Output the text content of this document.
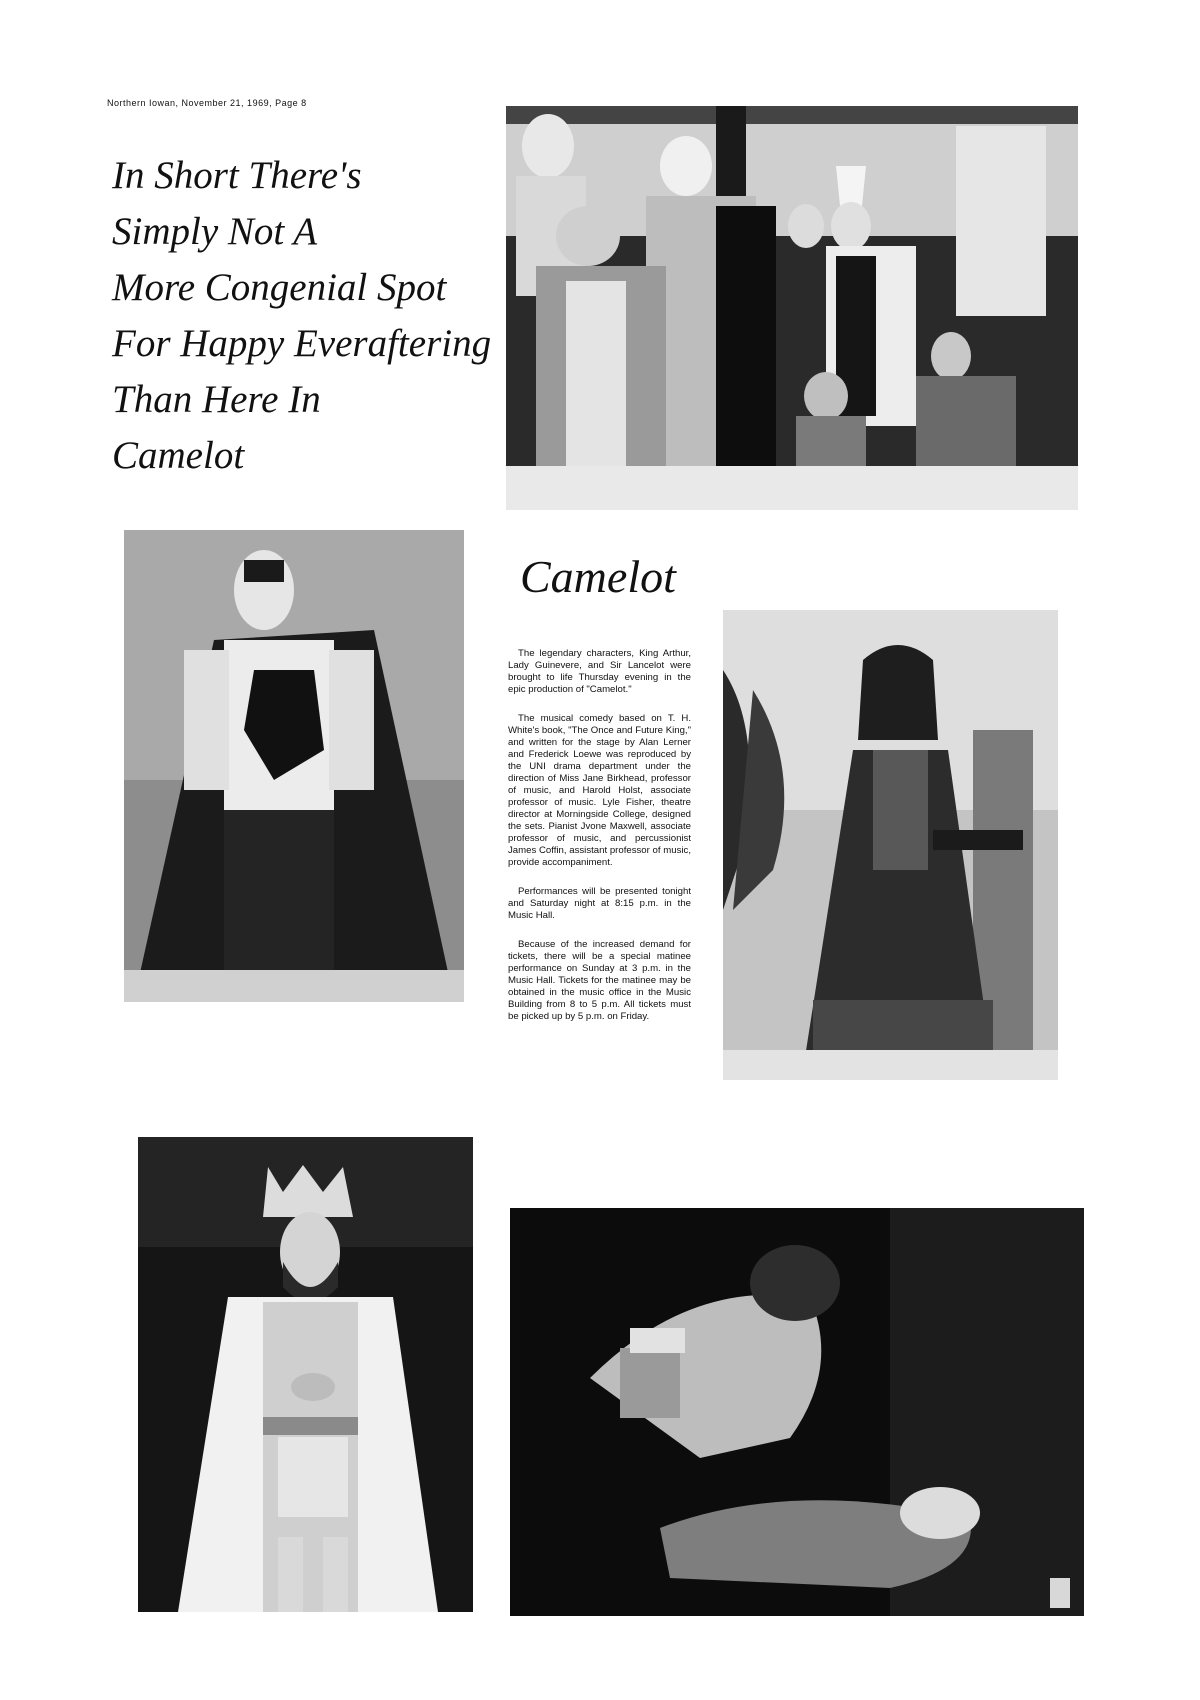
Northern Iowan, November 21, 1969, Page 8
In Short There's
Simply Not A
More Congenial Spot
For Happy Everaftering
Than Here In
Camelot
Camelot

The legendary characters, King Arthur, Lady Guinevere, and Sir Lancelot were brought to life Thursday evening in the epic production of "Camelot."

The musical comedy based on T. H. White's book, "The Once and Future King," and written for the stage by Alan Lerner and Frederick Loewe was reproduced by the UNI drama department under the direction of Miss Jane Birkhead, professor of music, and Harold Holst, associate professor of music. Lyle Fisher, theatre director at Morningside College, designed the sets. Pianist Jvone Maxwell, associate professor of music, and percussionist James Coffin, assistant professor of music, provide accompaniment.

Performances will be presented tonight and Saturday night at 8:15 p.m. in the Music Hall.

Because of the increased demand for tickets, there will be a special matinee performance on Sunday at 3 p.m. in the Music Hall. Tickets for the matinee may be obtained in the music office in the Music Building from 8 to 5 p.m. All tickets must be picked up by 5 p.m. on Friday.
